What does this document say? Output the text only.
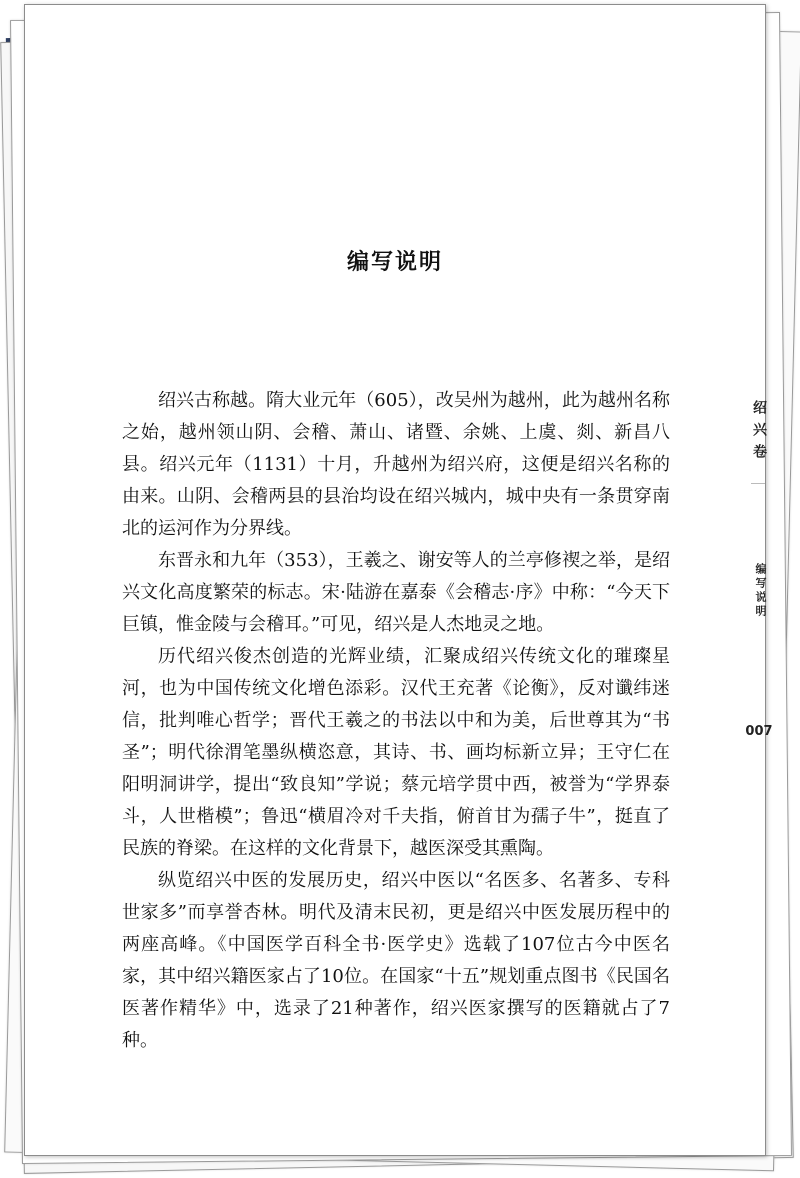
编写说明

绍兴古称越。隋大业元年（605），改吴州为越州，此为越州名称之始，越州领山阴、会稽、萧山、诸暨、余姚、上虞、剡、新昌八县。绍兴元年（1131）十月，升越州为绍兴府，这便是绍兴名称的由来。山阴、会稽两县的县治均设在绍兴城内，城中央有一条贯穿南北的运河作为分界线。

东晋永和九年（353），王羲之、谢安等人的兰亭修禊之举，是绍兴文化高度繁荣的标志。宋·陆游在嘉泰《会稽志·序》中称：“今天下巨镇，惟金陵与会稽耳。”可见，绍兴是人杰地灵之地。

历代绍兴俊杰创造的光辉业绩，汇聚成绍兴传统文化的璀璨星河，也为中国传统文化增色添彩。汉代王充著《论衡》，反对谶纬迷信，批判唯心哲学；晋代王羲之的书法以中和为美，后世尊其为“书圣”；明代徐渭笔墨纵横恣意，其诗、书、画均标新立异；王守仁在阳明洞讲学，提出“致良知”学说；蔡元培学贯中西，被誉为“学界泰斗，人世楷模”；鲁迅“横眉冷对千夫指，俯首甘为孺子牛”，挺直了民族的脊梁。在这样的文化背景下，越医深受其熏陶。

纵览绍兴中医的发展历史，绍兴中医以“名医多、名著多、专科世家多”而享誉杏林。明代及清末民初，更是绍兴中医发展历程中的两座高峰。《中国医学百科全书·医学史》选载了107位古今中医名家，其中绍兴籍医家占了10位。在国家“十五”规划重点图书《民国名医著作精华》中，选录了21种著作，绍兴医家撰写的医籍就占了7种。

绍兴卷
编写说明
007
